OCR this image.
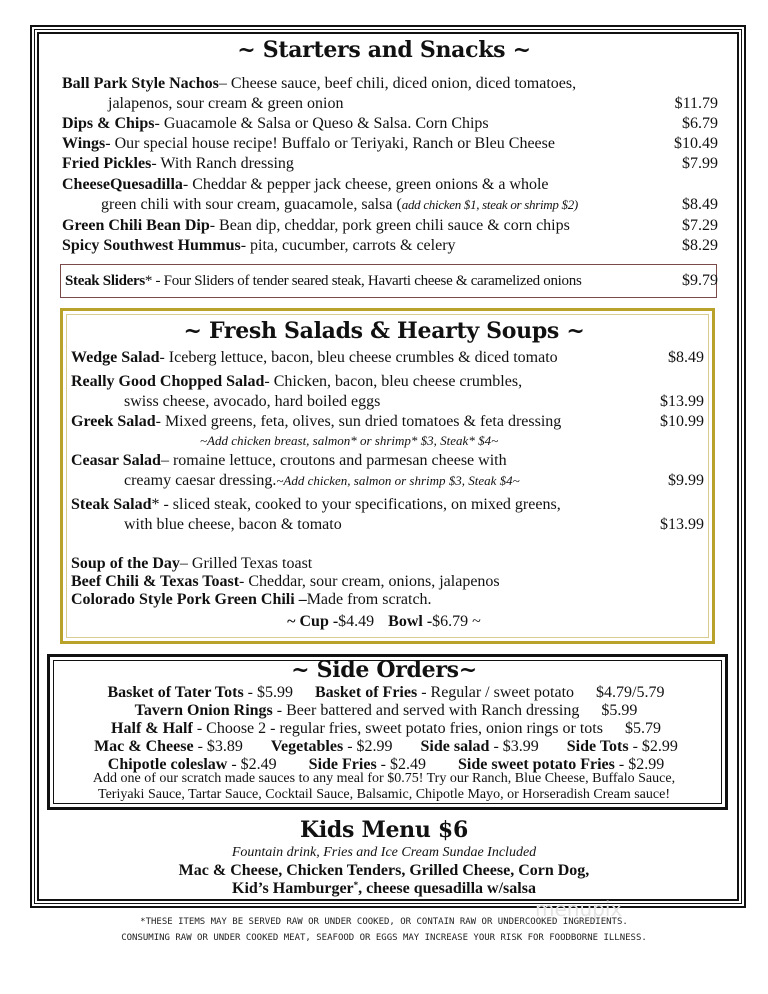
~ Starters and Snacks ~
Ball Park Style Nachos – Cheese sauce, beef chili, diced onion, diced tomatoes,
jalapenos, sour cream & green onion	$11.79
Dips & Chips - Guacamole & Salsa or Queso & Salsa. Corn Chips	$6.79
Wings - Our special house recipe! Buffalo or Teriyaki, Ranch or Bleu Cheese	$10.49
Fried Pickles - With Ranch dressing	$7.99
CheeseQuesadilla - Cheddar & pepper jack cheese, green onions & a whole
green chili with sour cream, guacamole, salsa ( add chicken $1, steak or shrimp $2)	$8.49
Green Chili Bean Dip - Bean dip, cheddar, pork green chili sauce & corn chips	$7.29
Spicy Southwest Hummus - pita, cucumber, carrots & celery	$8.29
Steak Sliders * - Four Sliders of tender seared steak, Havarti cheese & caramelized onions	$9.79
~ Fresh Salads & Hearty Soups ~
Wedge Salad - Iceberg lettuce, bacon, bleu cheese crumbles & diced tomato	$8.49
Really Good Chopped Salad - Chicken, bacon, bleu cheese crumbles,
swiss cheese, avocado, hard boiled eggs	$13.99
Greek Salad - Mixed greens, feta, olives, sun dried tomatoes & feta dressing	$10.99
~Add chicken breast, salmon* or shrimp* $3, Steak* $4~
Ceasar Salad – romaine lettuce, croutons and parmesan cheese with
creamy caesar dressing. ~Add chicken, salmon or shrimp $3, Steak $4~	$9.99
Steak Salad * - sliced steak, cooked to your specifications, on mixed greens,
with blue cheese, bacon & tomato	$13.99
Soup of the Day – Grilled Texas toast
Beef Chili & Texas Toast - Cheddar, sour cream, onions, jalapenos
Colorado Style Pork Green Chili – Made from scratch.
~ Cup - $4.49 Bowl - $6.79 ~
~ Side Orders~
Basket of Tater Tots - $5.99 Basket of Fries - Regular / sweet potato $4.79/5.79
Tavern Onion Rings - Beer battered and served with Ranch dressing $5.99
Half & Half - Choose 2 - regular fries, sweet potato fries, onion rings or tots $5.79
Mac & Cheese - $3.89 Vegetables - $2.99 Side salad - $3.99 Side Tots - $2.99
Chipotle coleslaw - $2.49 Side Fries - $2.49 Side sweet potato Fries - $2.99
Add one of our scratch made sauces to any meal for $0.75! Try our Ranch, Blue Cheese, Buffalo Sauce,
Teriyaki Sauce, Tartar Sauce, Cocktail Sauce, Balsamic, Chipotle Mayo, or Horseradish Cream sauce!
Kids Menu $6
Fountain drink, Fries and Ice Cream Sundae Included
Mac & Cheese, Chicken Tenders, Grilled Cheese, Corn Dog,
Kid’s Hamburger * , cheese quesadilla w/salsa
menupix
*THESE ITEMS MAY BE SERVED RAW OR UNDER COOKED, OR CONTAIN RAW OR UNDERCOOKED INGREDIENTS.
CONSUMING RAW OR UNDER COOKED MEAT, SEAFOOD OR EGGS MAY INCREASE YOUR RISK FOR FOODBORNE ILLNESS.
